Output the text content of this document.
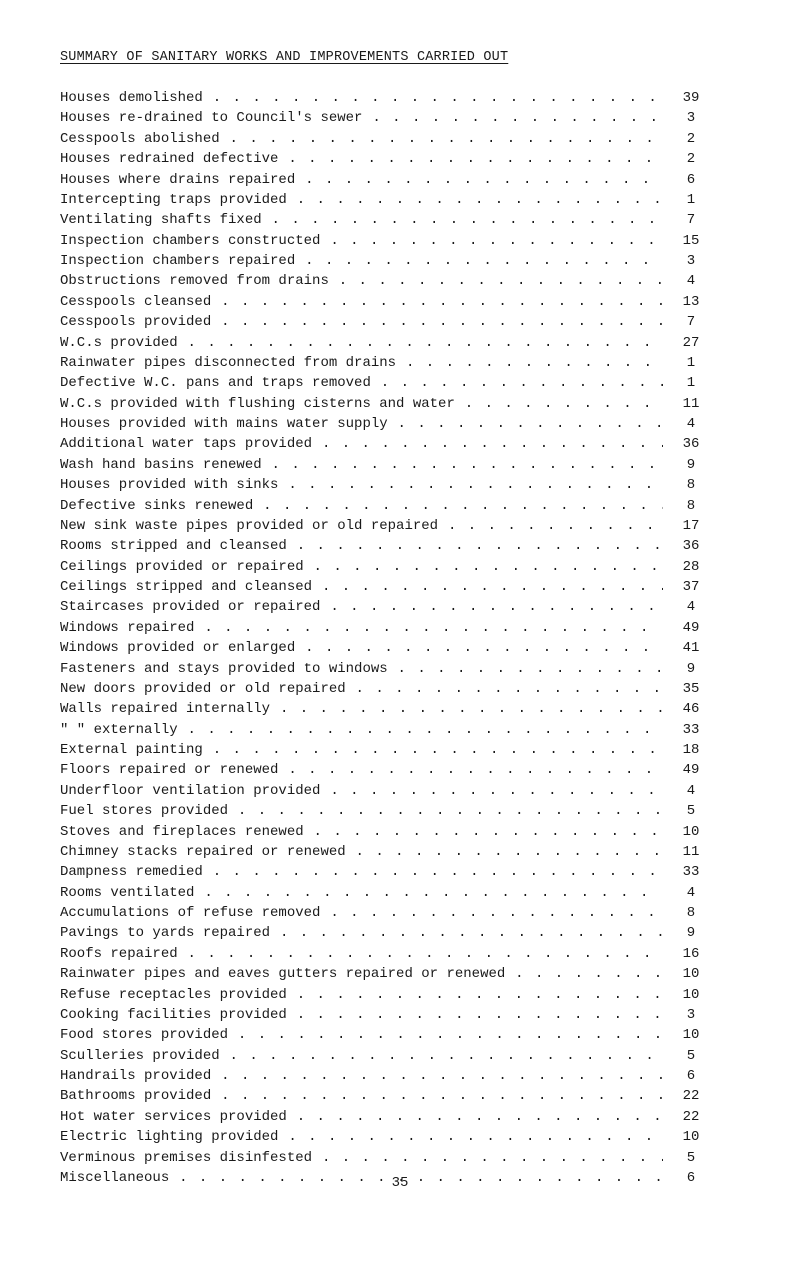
SUMMARY OF SANITARY WORKS AND IMPROVEMENTS CARRIED OUT
Houses demolished . . .	39
Houses re-drained to Council's sewer . . .	3
Cesspools abolished . . .	2
Houses redrained defective . . .	2
Houses where drains repaired . . .	6
Intercepting traps provided . . .	1
Ventilating shafts fixed . . .	7
Inspection chambers constructed . . .	15
Inspection chambers repaired . . .	3
Obstructions removed from drains . . .	4
Cesspools cleansed . . .	13
Cesspools provided . . .	7
W.C.s provided . . .	27
Rainwater pipes disconnected from drains . . .	1
Defective W.C. pans and traps removed . . .	1
W.C.s provided with flushing cisterns and water . . .	11
Houses provided with mains water supply . . .	4
Additional water taps provided . . .	36
Wash hand basins renewed . . .	9
Houses provided with sinks . . .	8
Defective sinks renewed . . .	8
New sink waste pipes provided or old repaired . . .	17
Rooms stripped and cleansed . . .	36
Ceilings provided or repaired . . .	28
Ceilings stripped and cleansed . . .	37
Staircases provided or repaired . . .	4
Windows repaired . . .	49
Windows provided or enlarged . . .	41
Fasteners and stays provided to windows . . .	9
New doors provided or old repaired . . .	35
Walls repaired internally . . .	46
" " externally . . .	33
External painting . . .	18
Floors repaired or renewed . . .	49
Underfloor ventilation provided . . .	4
Fuel stores provided . . .	5
Stoves and fireplaces renewed . . .	10
Chimney stacks repaired or renewed . . .	11
Dampness remedied . . .	33
Rooms ventilated . . .	4
Accumulations of refuse removed . . .	8
Pavings to yards repaired . . .	9
Roofs repaired . . .	16
Rainwater pipes and eaves gutters repaired or renewed . . .	10
Refuse receptacles provided . . .	10
Cooking facilities provided . . .	3
Food stores provided . . .	10
Sculleries provided . . .	5
Handrails provided . . .	6
Bathrooms provided . . .	22
Hot water services provided . . .	22
Electric lighting provided . . .	10
Verminous premises disinfested . . .	5
Miscellaneous . . .	6
35
